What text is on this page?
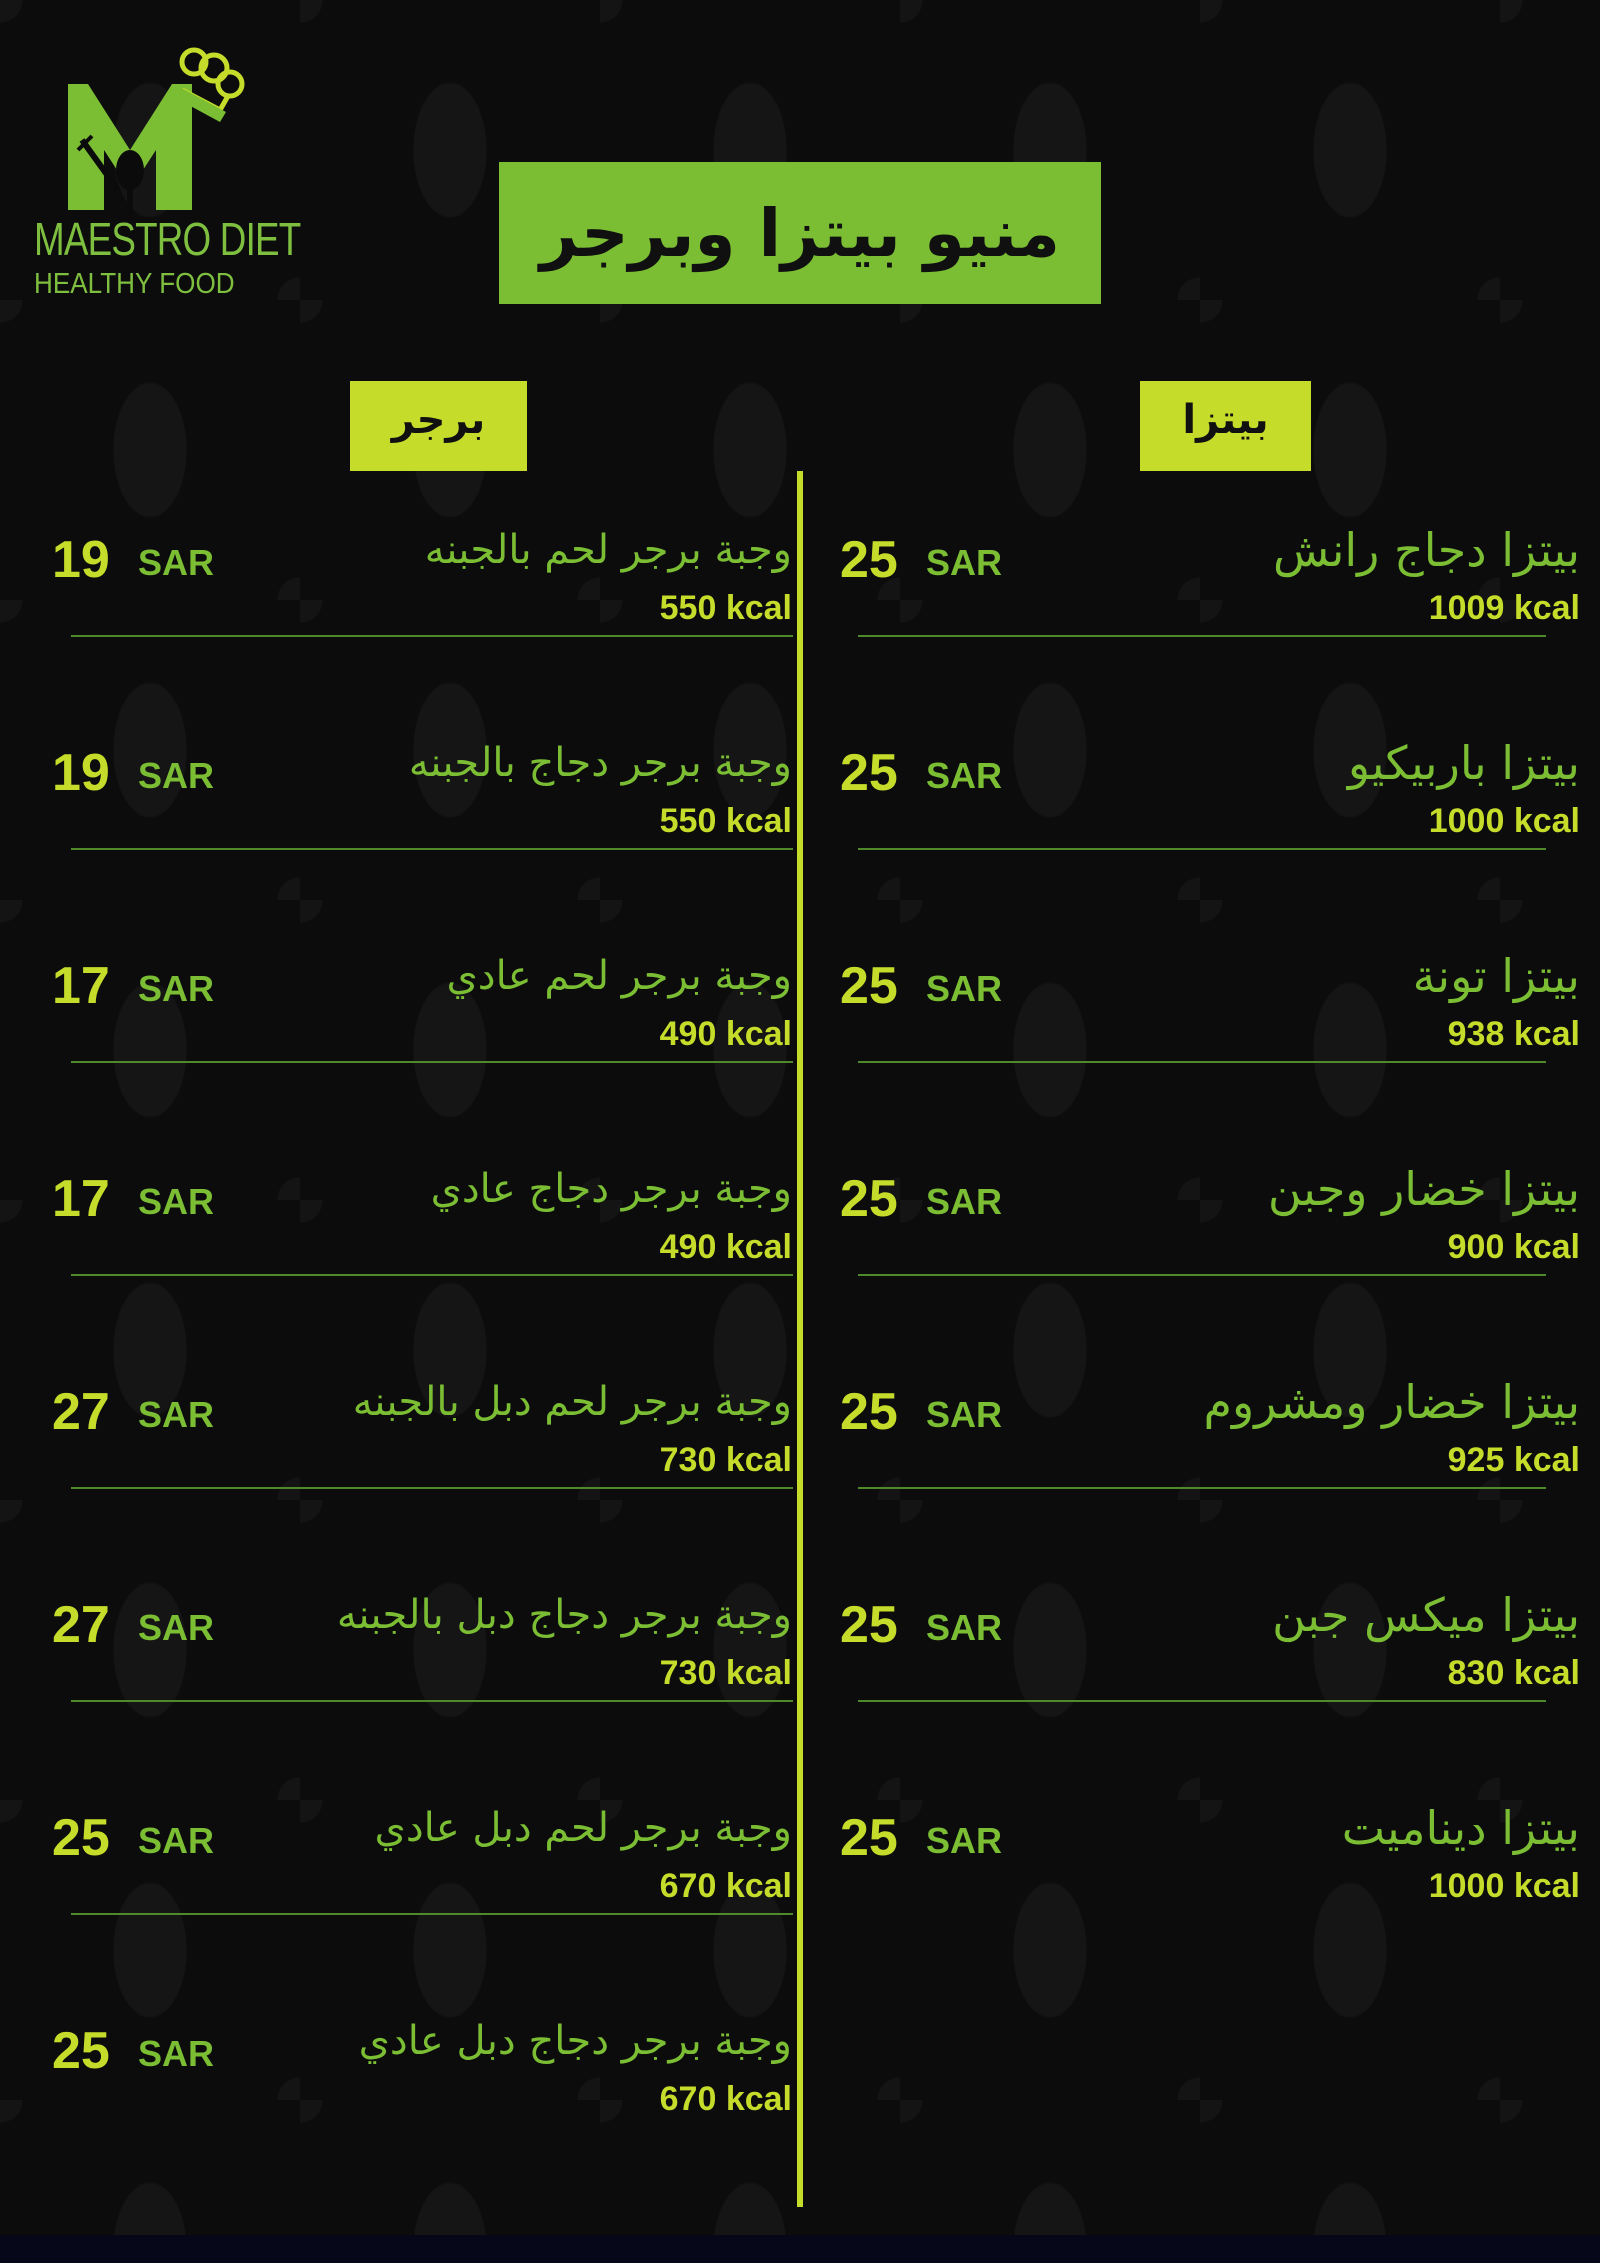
MAESTRO DIET
HEALTHY FOOD
منيو بيتزا وبرجر
برجر	بيتزا
19 SAR	وجبة برجر لحم بالجبنه
550 kcal
19 SAR	وجبة برجر دجاج بالجبنه
550 kcal
17 SAR	وجبة برجر لحم عادي
490 kcal
17 SAR	وجبة برجر دجاج عادي
490 kcal
27 SAR	وجبة برجر لحم دبل بالجبنه
730 kcal
27 SAR	وجبة برجر دجاج دبل بالجبنه
730 kcal
25 SAR	وجبة برجر لحم دبل عادي
670 kcal
25 SAR	وجبة برجر دجاج دبل عادي
670 kcal
25 SAR	بيتزا دجاج رانش
1009 kcal
25 SAR	بيتزا باربيكيو
1000 kcal
25 SAR	بيتزا تونة
938 kcal
25 SAR	بيتزا خضار وجبن
900 kcal
25 SAR	بيتزا خضار ومشروم
925 kcal
25 SAR	بيتزا ميكس جبن
830 kcal
25 SAR	بيتزا ديناميت
1000 kcal
